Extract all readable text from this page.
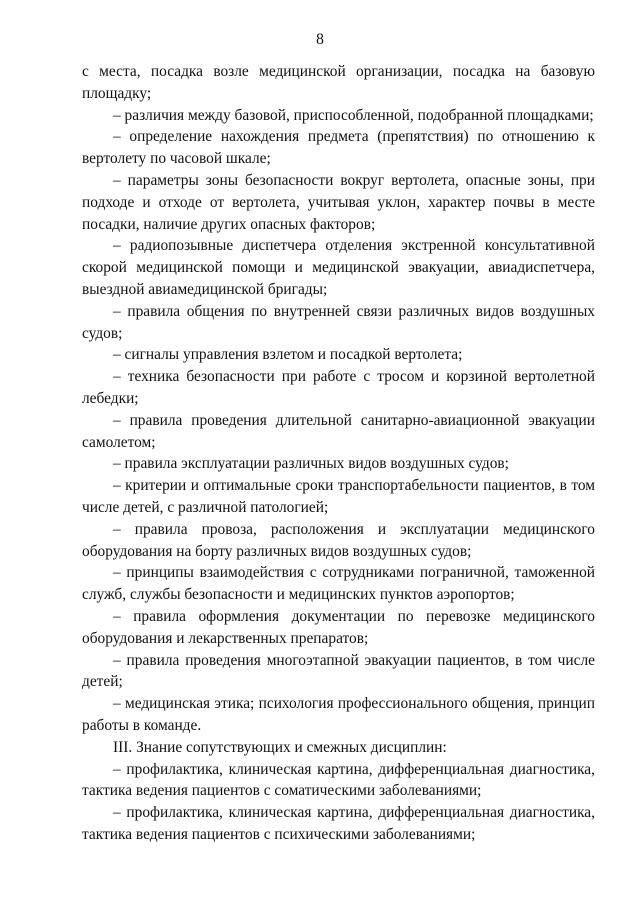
8

с места, посадка возле медицинской организации, посадка на базовую площадку;

– различия между базовой, приспособленной, подобранной площадками;

– определение нахождения предмета (препятствия) по отношению к вертолету по часовой шкале;

– параметры зоны безопасности вокруг вертолета, опасные зоны, при подходе и отходе от вертолета, учитывая уклон, характер почвы в месте посадки, наличие других опасных факторов;

– радиопозывные диспетчера отделения экстренной консультативной скорой медицинской помощи и медицинской эвакуации, авиадиспетчера, выездной авиамедицинской бригады;

– правила общения по внутренней связи различных видов воздушных судов;

– сигналы управления взлетом и посадкой вертолета;

– техника безопасности при работе с тросом и корзиной вертолетной лебедки;

– правила проведения длительной санитарно-авиационной эвакуации самолетом;

– правила эксплуатации различных видов воздушных судов;

– критерии и оптимальные сроки транспортабельности пациентов, в том числе детей, с различной патологией;

– правила провоза, расположения и эксплуатации медицинского оборудования на борту различных видов воздушных судов;

– принципы взаимодействия с сотрудниками пограничной, таможенной служб, службы безопасности и медицинских пунктов аэропортов;

– правила оформления документации по перевозке медицинского оборудования и лекарственных препаратов;

– правила проведения многоэтапной эвакуации пациентов, в том числе детей;

– медицинская этика; психология профессионального общения, принцип работы в команде.

III. Знание сопутствующих и смежных дисциплин:

– профилактика, клиническая картина, дифференциальная диагностика, тактика ведения пациентов с соматическими заболеваниями;

– профилактика, клиническая картина, дифференциальная диагностика, тактика ведения пациентов с психическими заболеваниями;
